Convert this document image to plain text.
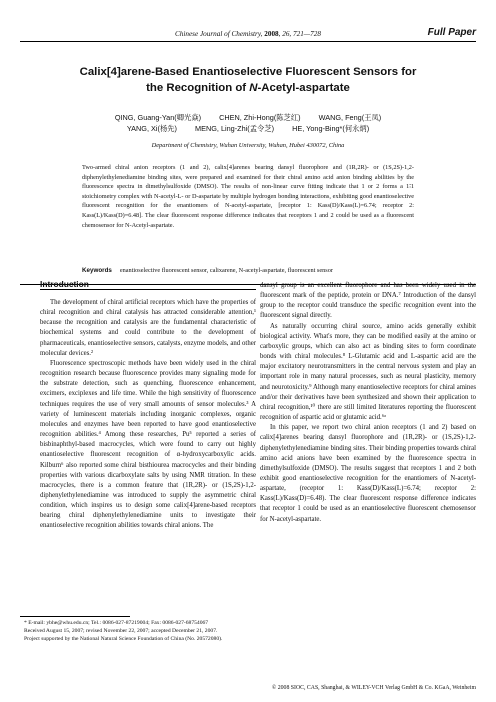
Chinese Journal of Chemistry, 2008, 26, 721—728	Full Paper
Calix[4]arene-Based Enantioselective Fluorescent Sensors for
the Recognition of N-Acetyl-aspartate
QING, Guang-Yan(卿光焱) CHEN, Zhi-Hong(陈芝红) WANG, Feng(王凤)
YANG, Xi(杨先) MENG, Ling-Zhi(孟令芝) HE, Yong-Bing*(何永炳)
Department of Chemistry, Wuhan University, Wuhan, Hubei 430072, China
Two-armed chiral anion receptors (1 and 2), calix[4]arenes bearing dansyl fluorophore and (1R,2R)- or (1S,2S)-1,2-diphenylethylenediamine binding sites, were prepared and examined for their chiral amino acid anion binding abilities by the fluorescence spectra in dimethylsulfoxide (DMSO). The results of non-linear curve fitting indicate that 1 or 2 forms a 1∶1 stoichiometry complex with N-acetyl-L- or D-aspartate by multiple hydrogen bonding interactions, exhibiting good enantioselective fluorescent recognition for the enantiomers of N-acetyl-aspartate, [receptor 1: Kass(D)/Kass(L)=6.74; receptor 2: Kass(L)/Kass(D)=6.48]. The clear fluorescent response difference indicates that receptors 1 and 2 could be used as a fluorescent chemosensor for N-Acetyl-aspartate.
Keywords enantioselective fluorescent sensor, calixarene, N-acetyl-aspartate, fluorescent sensor
Introduction

The development of chiral artificial receptors which have the properties of chiral recognition and chiral catalysis has attracted considerable attention,¹ because the recognition and catalysis are the fundamental characteristic of biochemical systems and could contribute to the development of pharmaceuticals, enantioselective sensors, catalysts, enzyme models, and other molecular devices.²

Fluorescence spectroscopic methods have been widely used in the chiral recognition research because fluorescence provides many signaling mode for the substrate detection, such as quenching, fluorescence enhancement, excimers, exciplexes and life time. While the high sensitivity of fluorescence techniques requires the use of very small amounts of sensor molecules.³ A variety of luminescent materials including inorganic complexes, organic molecules and enzymes have been reported to have good enantioselective recognition abilities.⁴ Among these researches, Pu⁵ reported a series of bisbinaphthyl-based macrocycles, which were found to carry out highly enantioselective fluorescent recognition of α-hydroxycarboxylic acids. Kilburn⁶ also reported some chiral bisthiourea macrocycles and their binding properties with various dicarboxylate salts by using NMR titration. In these macrocycles, there is a common feature that (1R,2R)- or (1S,2S)-1,2-diphenylethylenediamine was introduced to supply the asymmetric chiral condition, which inspires us to design some calix[4]arene-based receptors bearing chiral diphenylethylenediamine units to investigate their enantioselective recognition abilities towards chiral anions. The

dansyl group is an excellent fluorophore and has been widely used in the fluorescent mark of the peptide, protein or DNA.⁷ Introduction of the dansyl group to the receptor could transduce the specific recognition event into the fluorescent signal directly.

As naturally occurring chiral source, amino acids generally exhibit biological activity. What's more, they can be modified easily at the amino or carboxylic groups, which can also act as binding sites to form coordinate bonds with chiral molecules.⁸ L-Glutamic acid and L-aspartic acid are the major excitatory neurotransmitters in the central nervous system and play an important role in many natural processes, such as neural plasticity, memory and neurotoxicity.⁹ Although many enantioselective receptors for chiral amines and/or their derivatives have been synthesized and shown their application to chiral recognition,¹⁰ there are still limited literatures reporting the fluorescent recognition of aspartic acid or glutamic acid.⁶ᵃ

In this paper, we report two chiral anion receptors (1 and 2) based on calix[4]arenes bearing dansyl fluorophore and (1R,2R)- or (1S,2S)-1,2-diphenylethylenediamine binding sites. Their binding properties towards chiral amino acid anions have been examined by the fluorescence spectra in dimethylsulfoxide (DMSO). The results suggest that receptors 1 and 2 both exhibit good enantioselective recognition for the enantiomers of N-acetyl-aspartate, (receptor 1: Kass(D)/Kass(L)=6.74; receptor 2: Kass(L)/Kass(D)=6.48). The clear fluorescent response difference indicates that receptor 1 could be used as an enantioselective fluorescent chemosensor for N-acetyl-aspartate.

* E-mail: ybhe@whu.edu.cn; Tel.: 0086-027-87219004; Fax: 0086-027-68754067
Received August 15, 2007; revised November 22, 2007; accepted December 21, 2007.
Project supported by the National Natural Science Foundation of China (No. 20572080).
© 2008 SIOC, CAS, Shanghai, & WILEY-VCH Verlag GmbH & Co. KGaA, Weinheim
